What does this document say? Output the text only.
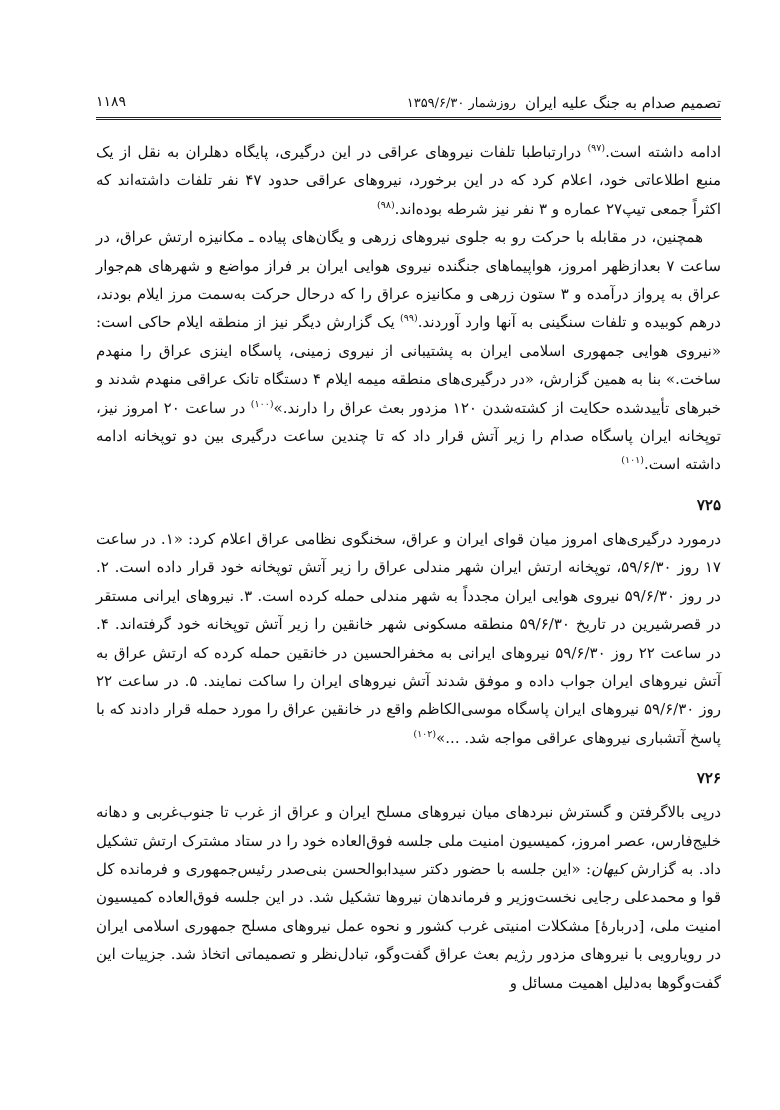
تصمیم صدام به جنگ علیه ایران
روزشمار ۱۳۵۹/۶/۳۰
۱۱۸۹

ادامه داشته است.$^{(۹۷)}$ درارتباطبا تلفات نیروهای عراقی در این درگیری، پایگاه دهلران به نقل از یک منبع اطلاعاتی خود، اعلام کرد که در این برخورد، نیروهای عراقی حدود ۴۷ نفر تلفات داشته‌اند که اکثراً جمعی تیپ۲۷ عماره و ۳ نفر نیز شرطه بوده‌اند.$^{(۹۸)}$

همچنین، در مقابله با حرکت رو به جلوی نیروهای زرهی و یگان‌های پیاده ـ مکانیزه ارتش عراق، در ساعت ۷ بعدازظهر امروز، هواپیماهای جنگنده نیروی هوایی ایران بر فراز مواضع و شهرهای هم‌جوار عراق به پرواز درآمده و ۳ ستون زرهی و مکانیزه عراق را که درحال حرکت به‌سمت مرز ایلام بودند، درهم کوبیده و تلفات سنگینی به آنها وارد آوردند.$^{(۹۹)}$ یک گزارش دیگر نیز از منطقه ایلام حاکی است: «نیروی هوایی جمهوری اسلامی ایران به پشتیبانی از نیروی زمینی، پاسگاه اینزی عراق را منهدم ساخت.» بنا به همین گزارش، «در درگیری‌های منطقه میمه ایلام ۴ دستگاه تانک عراقی منهدم شدند و خبرهای تأییدشده حکایت از کشته‌شدن ۱۲۰ مزدور بعث عراق را دارند.»$^{(۱۰۰)}$ در ساعت ۲۰ امروز نیز، توپخانه ایران پاسگاه صدام را زیر آتش قرار داد که تا چندین ساعت درگیری بین دو توپخانه ادامه داشته است.$^{(۱۰۱)}$

۷۲۵

درمورد درگیری‌های امروز میان قوای ایران و عراق، سخنگوی نظامی عراق اعلام کرد: «۱. در ساعت ۱۷ روز ۵۹/۶/۳۰، توپخانه ارتش ایران شهر مندلی عراق را زیر آتش توپخانه خود قرار داده است. ۲. در روز ۵۹/۶/۳۰ نیروی هوایی ایران مجدداً به شهر مندلی حمله کرده است. ۳. نیروهای ایرانی مستقر در قصرشیرین در تاریخ ۵۹/۶/۳۰ منطقه مسکونی شهر خانقین را زیر آتش توپخانه خود گرفته‌اند. ۴. در ساعت ۲۲ روز ۵۹/۶/۳۰ نیروهای ایرانی به مخفرالحسین در خانقین حمله کرده که ارتش عراق به آتش نیروهای ایران جواب داده و موفق شدند آتش نیروهای ایران را ساکت نمایند. ۵. در ساعت ۲۲ روز ۵۹/۶/۳۰ نیروهای ایران پاسگاه موسی‌الکاظم واقع در خانقین عراق را مورد حمله قرار دادند که با پاسخ آتشباری نیروهای عراقی مواجه شد. ...»$^{(۱۰۲)}$

۷۲۶

درپی بالاگرفتن و گسترش نبردهای میان نیروهای مسلح ایران و عراق از غرب تا جنوب‌غربی و دهانه خلیج‌فارس، عصر امروز، کمیسیون امنیت ملی جلسه فوق‌العاده خود را در ستاد مشترک ارتش تشکیل داد. به گزارش کیهان: «این جلسه با حضور دکتر سیدابوالحسن بنی‌صدر رئیس‌جمهوری و فرمانده کل قوا و محمدعلی رجایی نخست‌وزیر و فرماندهان نیروها تشکیل شد. در این جلسه فوق‌العاده کمیسیون امنیت ملی، [دربارهٔ] مشکلات امنیتی غرب کشور و نحوه عمل نیروهای مسلح جمهوری اسلامی ایران در رویارویی با نیروهای مزدور رژیم بعث عراق گفت‌وگو، تبادل‌نظر و تصمیماتی اتخاذ شد. جزییات این گفت‌وگوها به‌دلیل اهمیت مسائل و
